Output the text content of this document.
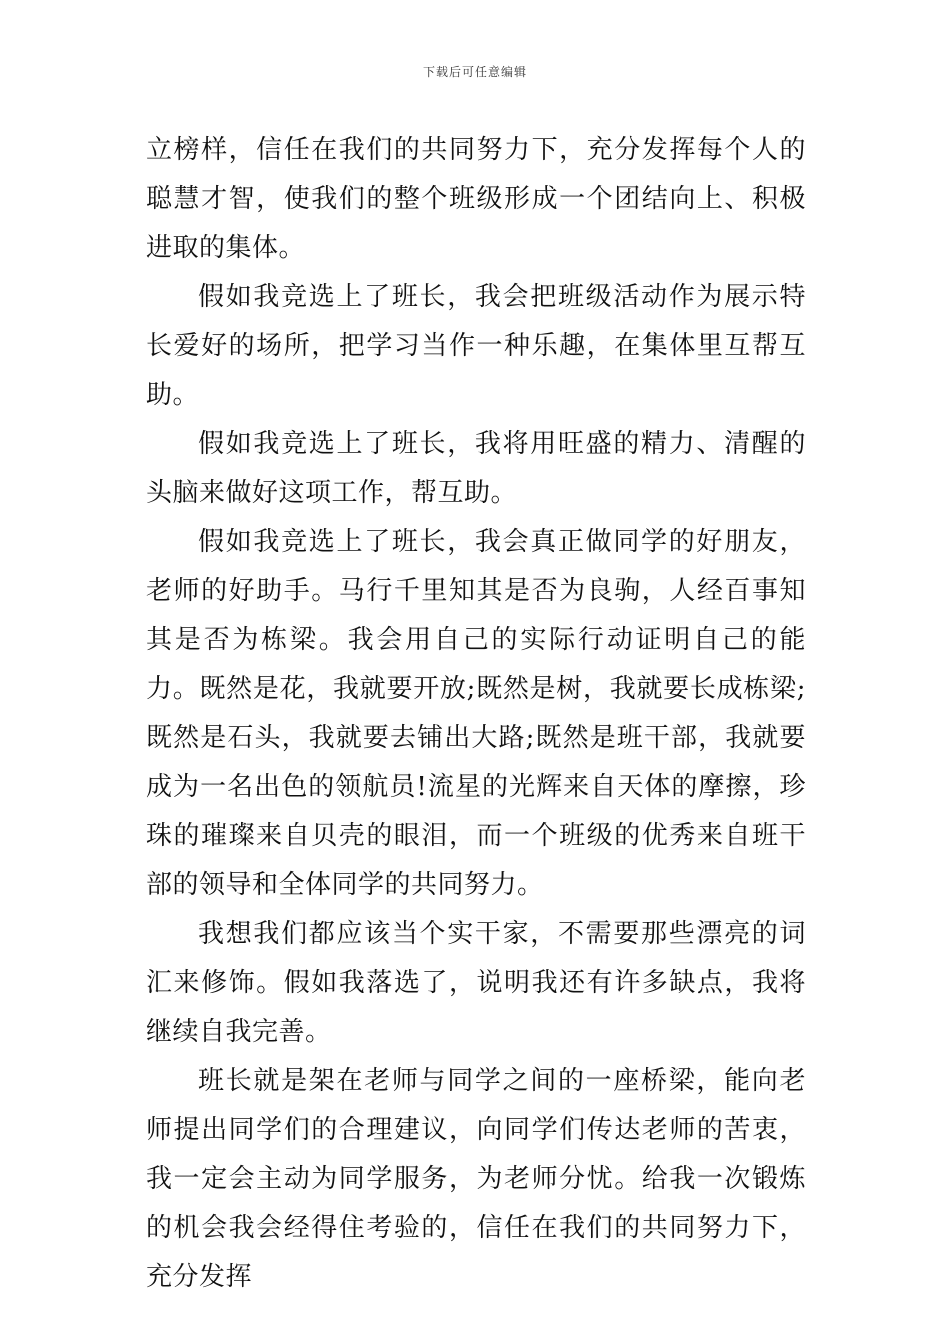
下载后可任意编辑

立榜样，信任在我们的共同努力下，充分发挥每个人的聪慧才智，使我们的整个班级形成一个团结向上、积极进取的集体。

假如我竞选上了班长，我会把班级活动作为展示特长爱好的场所，把学习当作一种乐趣，在集体里互帮互助。

假如我竞选上了班长，我将用旺盛的精力、清醒的头脑来做好这项工作，帮互助。

假如我竞选上了班长，我会真正做同学的好朋友，老师的好助手。马行千里知其是否为良驹，人经百事知其是否为栋梁。我会用自己的实际行动证明自己的能力。既然是花，我就要开放;既然是树，我就要长成栋梁;既然是石头，我就要去铺出大路;既然是班干部，我就要成为一名出色的领航员!流星的光辉来自天体的摩擦，珍珠的璀璨来自贝壳的眼泪，而一个班级的优秀来自班干部的领导和全体同学的共同努力。

我想我们都应该当个实干家，不需要那些漂亮的词汇来修饰。假如我落选了，说明我还有许多缺点，我将继续自我完善。

班长就是架在老师与同学之间的一座桥梁，能向老师提出同学们的合理建议，向同学们传达老师的苦衷，我一定会主动为同学服务，为老师分忧。给我一次锻炼的机会我会经得住考验的，信任在我们的共同努力下，充分发挥
